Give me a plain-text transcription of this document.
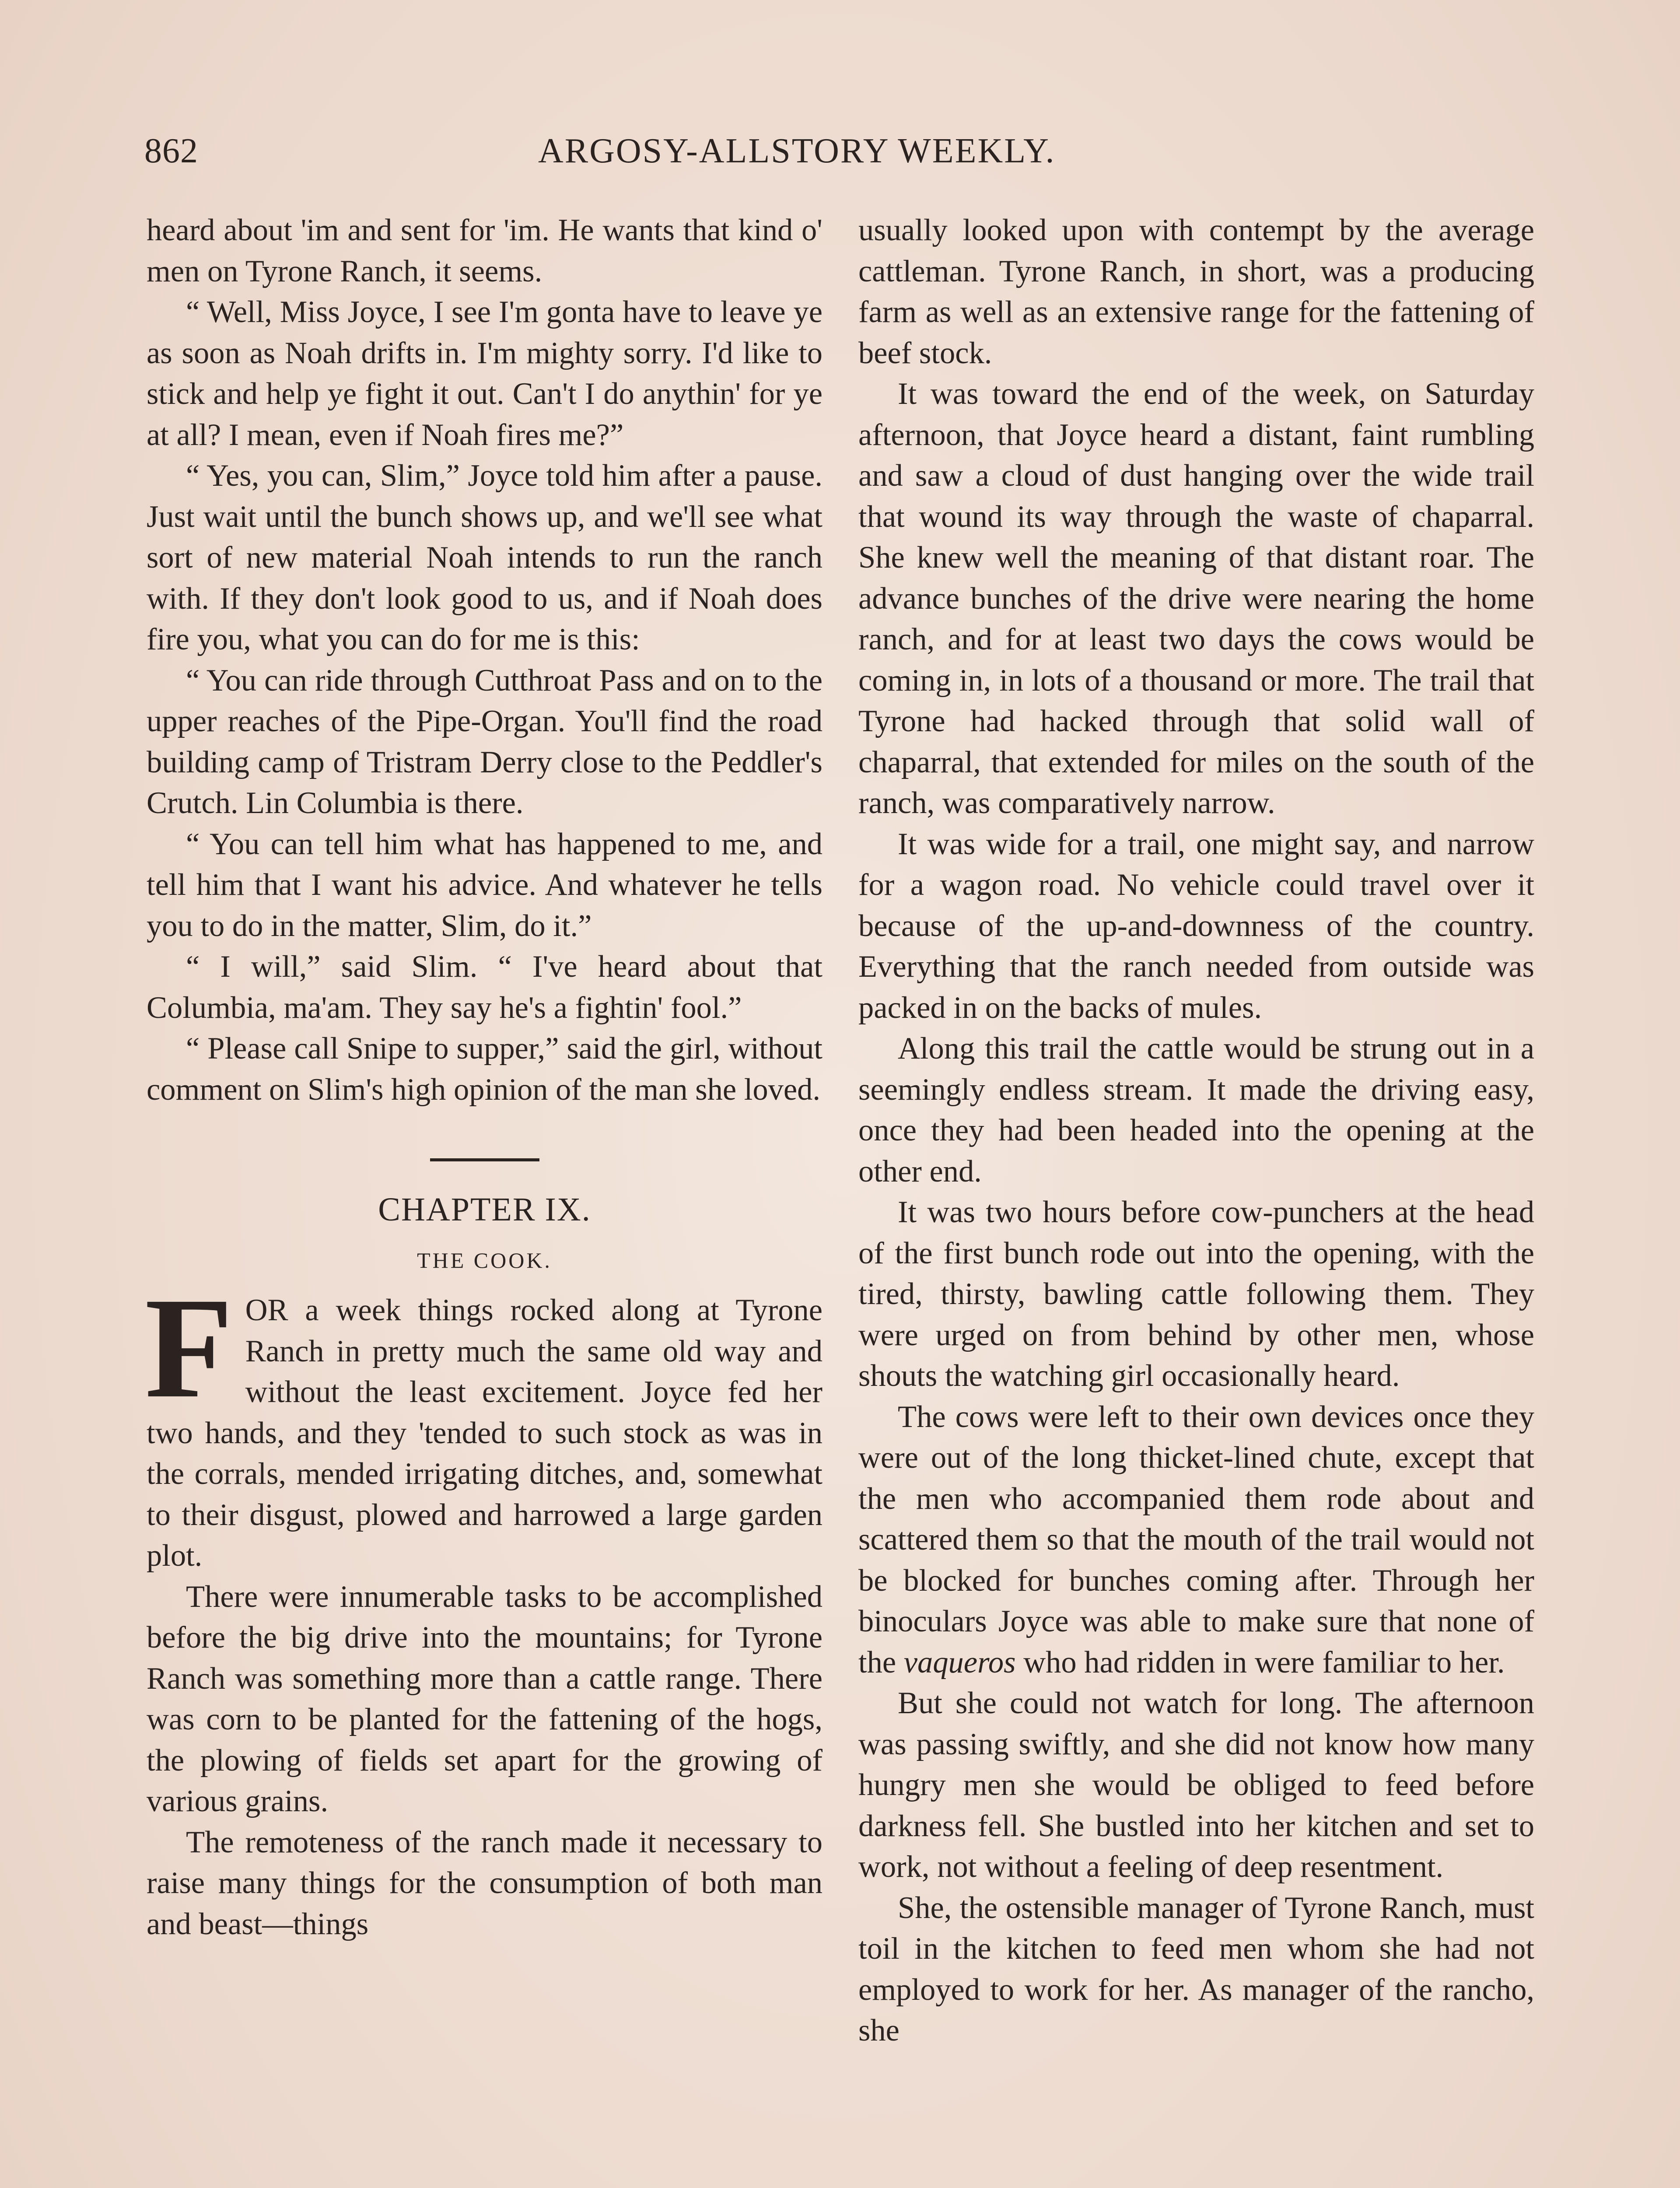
862	ARGOSY-ALLSTORY WEEKLY.

heard about 'im and sent for 'im. He wants that kind o' men on Tyrone Ranch, it seems.

“ Well, Miss Joyce, I see I'm gonta have to leave ye as soon as Noah drifts in. I'm mighty sorry. I'd like to stick and help ye fight it out. Can't I do anythin' for ye at all? I mean, even if Noah fires me?”

“ Yes, you can, Slim,” Joyce told him after a pause. Just wait until the bunch shows up, and we'll see what sort of new material Noah intends to run the ranch with. If they don't look good to us, and if Noah does fire you, what you can do for me is this:

“ You can ride through Cutthroat Pass and on to the upper reaches of the Pipe-Organ. You'll find the road building camp of Tristram Derry close to the Peddler's Crutch. Lin Columbia is there.

“ You can tell him what has happened to me, and tell him that I want his advice. And whatever he tells you to do in the matter, Slim, do it.”

“ I will,” said Slim. “ I've heard about that Columbia, ma'am. They say he's a fightin' fool.”

“ Please call Snipe to supper,” said the girl, without comment on Slim's high opinion of the man she loved.

CHAPTER IX.
THE COOK.

FOR a week things rocked along at Tyrone Ranch in pretty much the same old way and without the least excitement. Joyce fed her two hands, and they 'tended to such stock as was in the corrals, mended irrigating ditches, and, somewhat to their disgust, plowed and harrowed a large garden plot.

There were innumerable tasks to be accomplished before the big drive into the mountains; for Tyrone Ranch was something more than a cattle range. There was corn to be planted for the fattening of the hogs, the plowing of fields set apart for the growing of various grains.

The remoteness of the ranch made it necessary to raise many things for the consumption of both man and beast—things

usually looked upon with contempt by the average cattleman. Tyrone Ranch, in short, was a producing farm as well as an extensive range for the fattening of beef stock.

It was toward the end of the week, on Saturday afternoon, that Joyce heard a distant, faint rumbling and saw a cloud of dust hanging over the wide trail that wound its way through the waste of chaparral. She knew well the meaning of that distant roar. The advance bunches of the drive were nearing the home ranch, and for at least two days the cows would be coming in, in lots of a thousand or more. The trail that Tyrone had hacked through that solid wall of chaparral, that extended for miles on the south of the ranch, was comparatively narrow.

It was wide for a trail, one might say, and narrow for a wagon road. No vehicle could travel over it because of the up-and-downness of the country. Everything that the ranch needed from outside was packed in on the backs of mules.

Along this trail the cattle would be strung out in a seemingly endless stream. It made the driving easy, once they had been headed into the opening at the other end.

It was two hours before cow-punchers at the head of the first bunch rode out into the opening, with the tired, thirsty, bawling cattle following them. They were urged on from behind by other men, whose shouts the watching girl occasionally heard.

The cows were left to their own devices once they were out of the long thicket-lined chute, except that the men who accompanied them rode about and scattered them so that the mouth of the trail would not be blocked for bunches coming after. Through her binoculars Joyce was able to make sure that none of the vaqueros who had ridden in were familiar to her.

But she could not watch for long. The afternoon was passing swiftly, and she did not know how many hungry men she would be obliged to feed before darkness fell. She bustled into her kitchen and set to work, not without a feeling of deep resentment.

She, the ostensible manager of Tyrone Ranch, must toil in the kitchen to feed men whom she had not employed to work for her. As manager of the rancho, she
